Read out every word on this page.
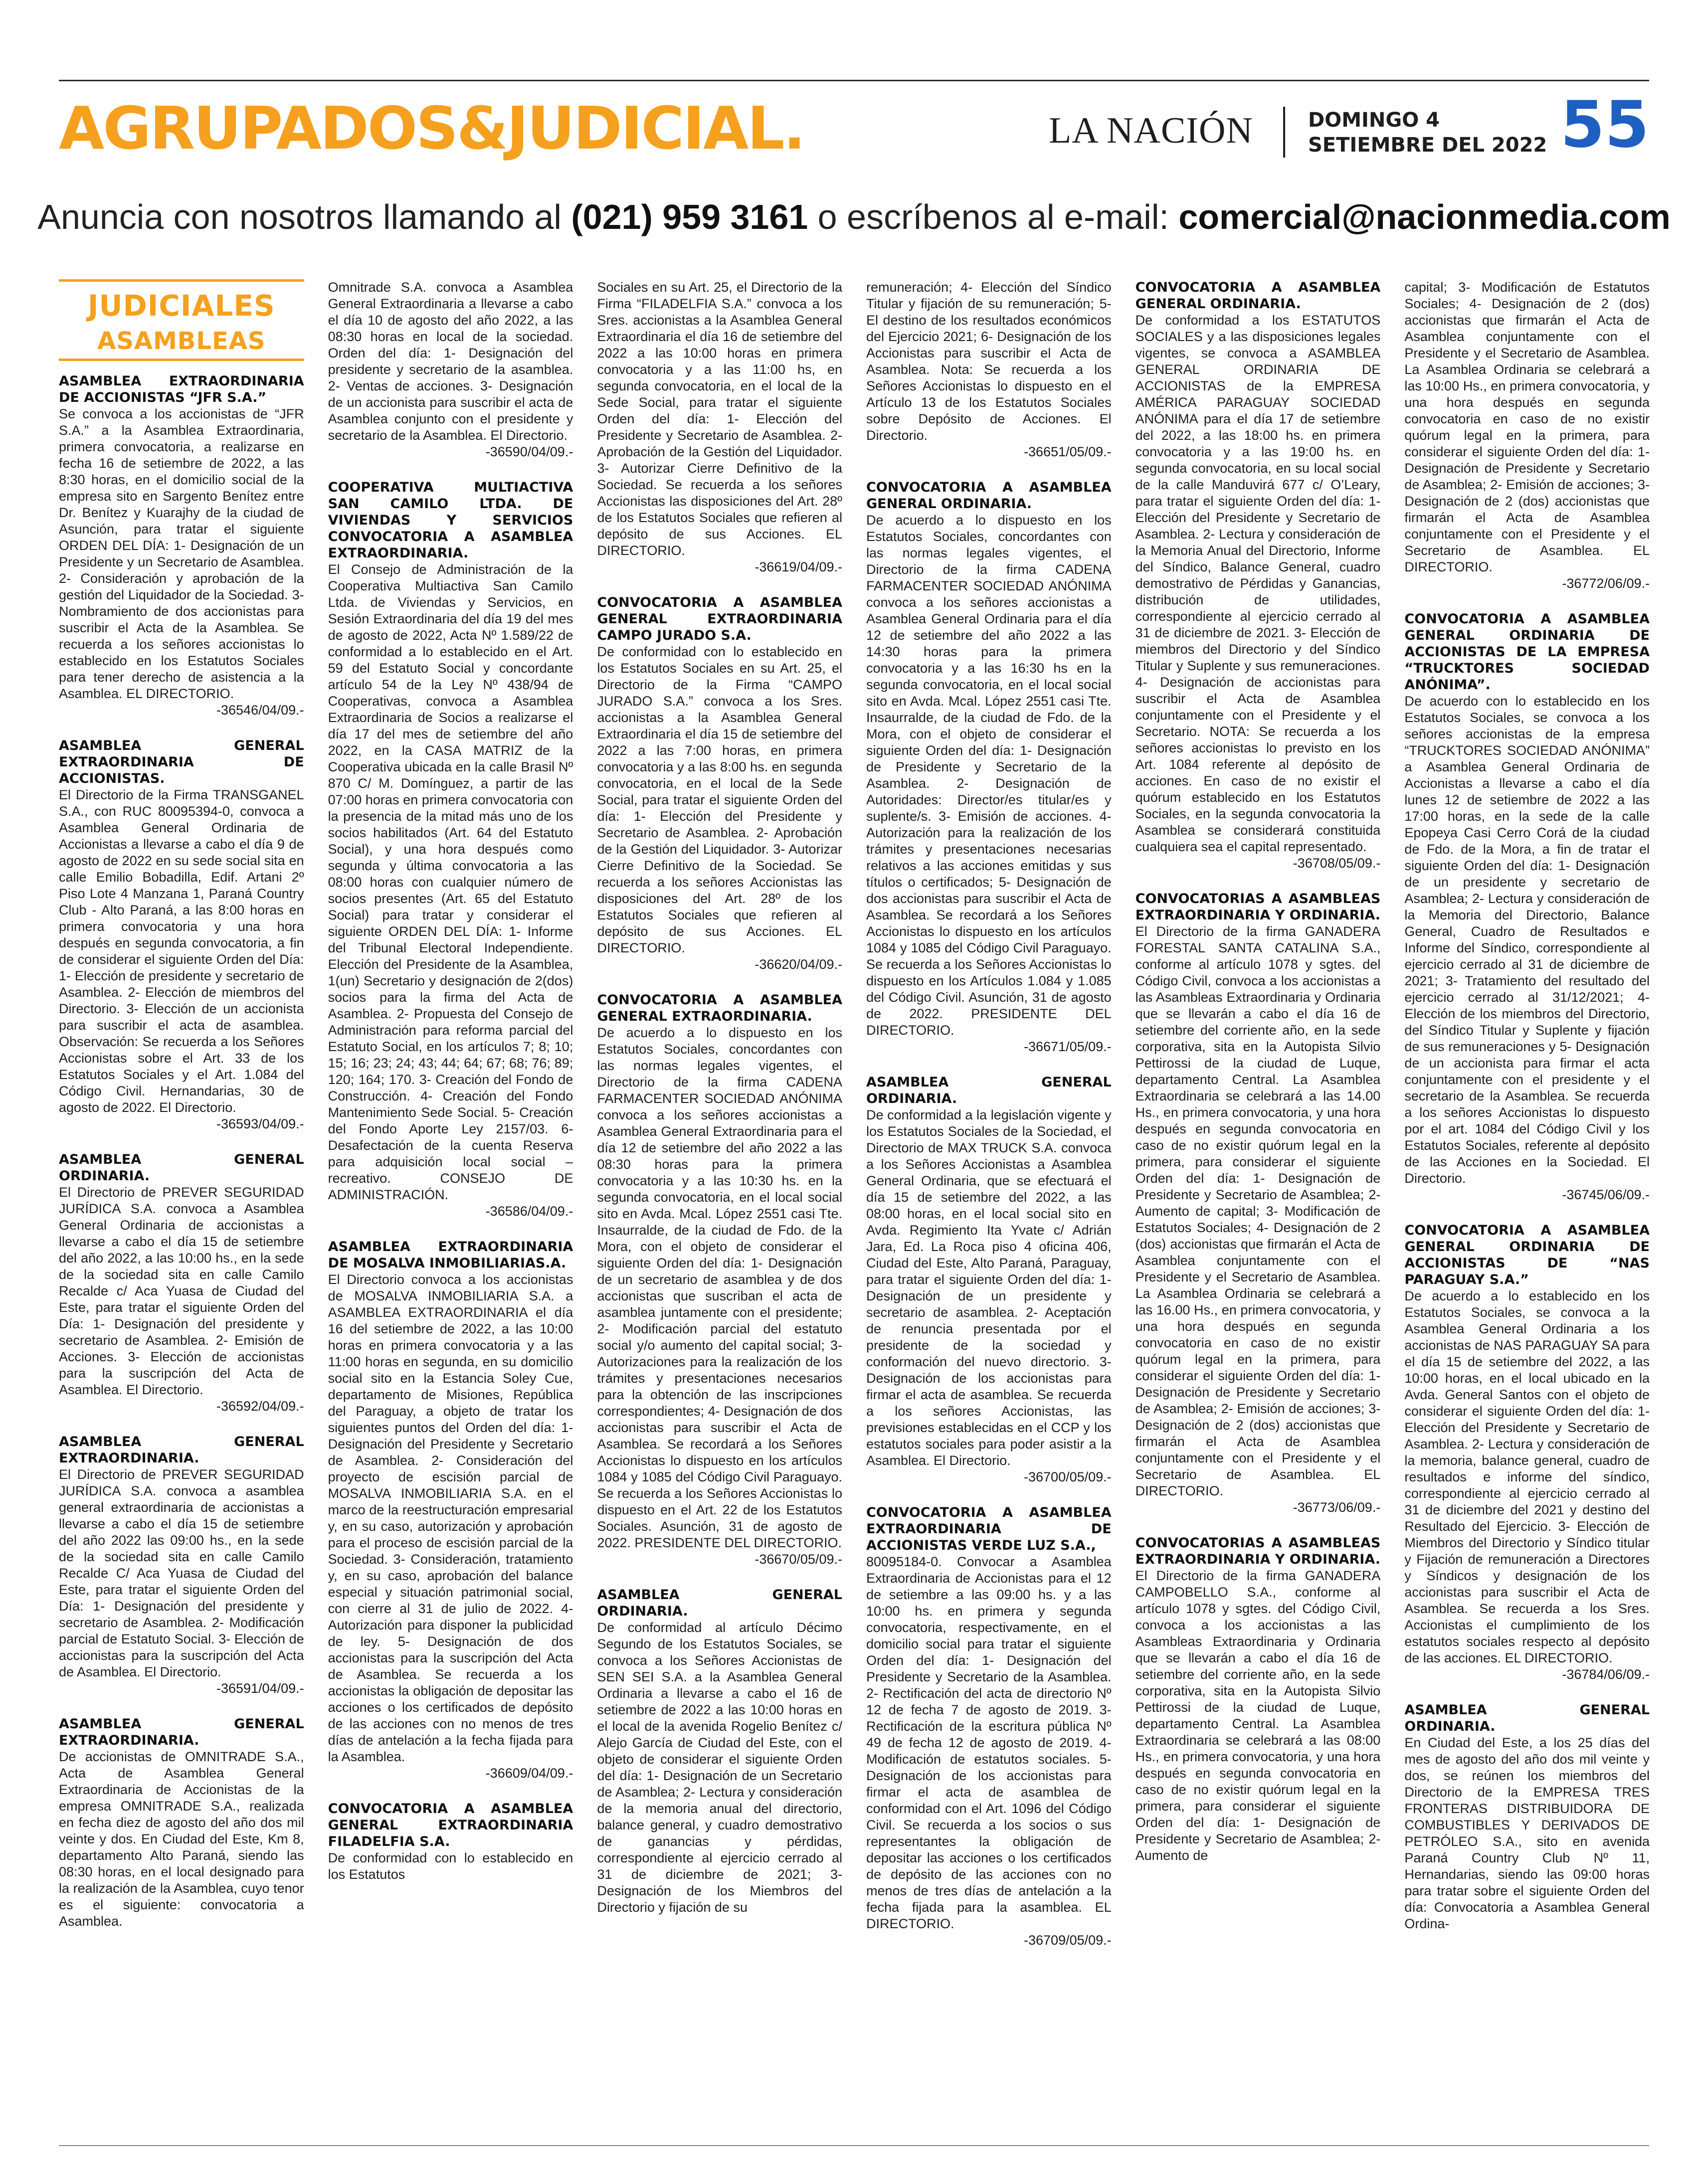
AGRUPADOS&JUDICIAL.	LA NACIÓN	DOMINGO 4
SETIEMBRE DEL 2022 55
Anuncia con nosotros llamando al (021) 959 3161 o escríbenos al e-mail: comercial@nacionmedia.com
JUDICIALES
ASAMBLEAS

ASAMBLEA EXTRAORDINARIA DE ACCIONISTAS “JFR S.A.”

Se convoca a los accionistas de “JFR S.A.” a la Asamblea Extraordinaria, primera convocatoria, a realizarse en fecha 16 de setiembre de 2022, a las 8:30 horas, en el domicilio social de la empresa sito en Sargento Benítez entre Dr. Benítez y Kuarajhy de la ciudad de Asunción, para tratar el siguiente ORDEN DEL DÍA: 1- Designación de un Presidente y un Secretario de Asamblea. 2- Consideración y aprobación de la gestión del Liquidador de la Sociedad. 3- Nombramiento de dos accionistas para suscribir el Acta de la Asamblea. Se recuerda a los señores accionistas lo establecido en los Estatutos Sociales para tener derecho de asistencia a la Asamblea. EL DIRECTORIO.

-36546/04/09.-

ASAMBLEA GENERAL EXTRAORDINARIA DE ACCIONISTAS.

El Directorio de la Firma TRANSGANEL S.A., con RUC 80095394-0, convoca a Asamblea General Ordinaria de Accionistas a llevarse a cabo el día 9 de agosto de 2022 en su sede social sita en calle Emilio Bobadilla, Edif. Artani 2º Piso Lote 4 Manzana 1, Paraná Country Club - Alto Paraná, a las 8:00 horas en primera convocatoria y una hora después en segunda convocatoria, a fin de considerar el siguiente Orden del Día: 1- Elección de presidente y secretario de Asamblea. 2- Elección de miembros del Directorio. 3- Elección de un accionista para suscribir el acta de asamblea. Observación: Se recuerda a los Señores Accionistas sobre el Art. 33 de los Estatutos Sociales y el Art. 1.084 del Código Civil. Hernandarias, 30 de agosto de 2022. El Directorio.

-36593/04/09.-

ASAMBLEA GENERAL ORDINARIA.

El Directorio de PREVER SEGURIDAD JURÍDICA S.A. convoca a Asamblea General Ordinaria de accionistas a llevarse a cabo el día 15 de setiembre del año 2022, a las 10:00 hs., en la sede de la sociedad sita en calle Camilo Recalde c/ Aca Yuasa de Ciudad del Este, para tratar el siguiente Orden del Día: 1- Designación del presidente y secretario de Asamblea. 2- Emisión de Acciones. 3- Elección de accionistas para la suscripción del Acta de Asamblea. El Directorio.

-36592/04/09.-

ASAMBLEA GENERAL EXTRAORDINARIA.

El Directorio de PREVER SEGURIDAD JURÍDICA S.A. convoca a asamblea general extraordinaria de accionistas a llevarse a cabo el día 15 de setiembre del año 2022 las 09:00 hs., en la sede de la sociedad sita en calle Camilo Recalde C/ Aca Yuasa de Ciudad del Este, para tratar el siguiente Orden del Día: 1- Designación del presidente y secretario de Asamblea. 2- Modificación parcial de Estatuto Social. 3- Elección de accionistas para la suscripción del Acta de Asamblea. El Directorio.

-36591/04/09.-

ASAMBLEA GENERAL EXTRAORDINARIA.

De accionistas de OMNITRADE S.A., Acta de Asamblea General Extraordinaria de Accionistas de la empresa OMNITRADE S.A., realizada en fecha diez de agosto del año dos mil veinte y dos. En Ciudad del Este, Km 8, departamento Alto Paraná, siendo las 08:30 horas, en el local designado para la realización de la Asamblea, cuyo tenor es el siguiente: convocatoria a Asamblea.

Omnitrade S.A. convoca a Asamblea General Extraordinaria a llevarse a cabo el día 10 de agosto del año 2022, a las 08:30 horas en local de la sociedad. Orden del día: 1- Designación del presidente y secretario de la asamblea. 2- Ventas de acciones. 3- Designación de un accionista para suscribir el acta de Asamblea conjunto con el presidente y secretario de la Asamblea. El Directorio.

-36590/04/09.-

COOPERATIVA MULTIACTIVA SAN CAMILO LTDA. DE VIVIENDAS Y SERVICIOS CONVOCATORIA A ASAMBLEA EXTRAORDINARIA.

El Consejo de Administración de la Cooperativa Multiactiva San Camilo Ltda. de Viviendas y Servicios, en Sesión Extraordinaria del día 19 del mes de agosto de 2022, Acta Nº 1.589/22 de conformidad a lo establecido en el Art. 59 del Estatuto Social y concordante artículo 54 de la Ley Nº 438/94 de Cooperativas, convoca a Asamblea Extraordinaria de Socios a realizarse el día 17 del mes de setiembre del año 2022, en la CASA MATRIZ de la Cooperativa ubicada en la calle Brasil Nº 870 C/ M. Domínguez, a partir de las 07:00 horas en primera convocatoria con la presencia de la mitad más uno de los socios habilitados (Art. 64 del Estatuto Social), y una hora después como segunda y última convocatoria a las 08:00 horas con cualquier número de socios presentes (Art. 65 del Estatuto Social) para tratar y considerar el siguiente ORDEN DEL DÍA: 1- Informe del Tribunal Electoral Independiente. Elección del Presidente de la Asamblea, 1(un) Secretario y designación de 2(dos) socios para la firma del Acta de Asamblea. 2- Propuesta del Consejo de Administración para reforma parcial del Estatuto Social, en los artículos 7; 8; 10; 15; 16; 23; 24; 43; 44; 64; 67; 68; 76; 89; 120; 164; 170. 3- Creación del Fondo de Construcción. 4- Creación del Fondo Mantenimiento Sede Social. 5- Creación del Fondo Aporte Ley 2157/03. 6- Desafectación de la cuenta Reserva para adquisición local social – recreativo. CONSEJO DE ADMINISTRACIÓN.

-36586/04/09.-

ASAMBLEA EXTRAORDINARIA DE MOSALVA INMOBILIARIAS.A.

El Directorio convoca a los accionistas de MOSALVA INMOBILIARIA S.A. a ASAMBLEA EXTRAORDINARIA el día 16 del setiembre de 2022, a las 10:00 horas en primera convocatoria y a las 11:00 horas en segunda, en su domicilio social sito en la Estancia Soley Cue, departamento de Misiones, República del Paraguay, a objeto de tratar los siguientes puntos del Orden del día: 1- Designación del Presidente y Secretario de Asamblea. 2- Consideración del proyecto de escisión parcial de MOSALVA INMOBILIARIA S.A. en el marco de la reestructuración empresarial y, en su caso, autorización y aprobación para el proceso de escisión parcial de la Sociedad. 3- Consideración, tratamiento y, en su caso, aprobación del balance especial y situación patrimonial social, con cierre al 31 de julio de 2022. 4- Autorización para disponer la publicidad de ley. 5- Designación de dos accionistas para la suscripción del Acta de Asamblea. Se recuerda a los accionistas la obligación de depositar las acciones o los certificados de depósito de las acciones con no menos de tres días de antelación a la fecha fijada para la Asamblea.

-36609/04/09.-

CONVOCATORIA A ASAMBLEA GENERAL EXTRAORDINARIA FILADELFIA S.A.

De conformidad con lo establecido en los Estatutos

Sociales en su Art. 25, el Directorio de la Firma “FILADELFIA S.A.” convoca a los Sres. accionistas a la Asamblea General Extraordinaria el día 16 de setiembre del 2022 a las 10:00 horas en primera convocatoria y a las 11:00 hs, en segunda convocatoria, en el local de la Sede Social, para tratar el siguiente Orden del día: 1- Elección del Presidente y Secretario de Asamblea. 2- Aprobación de la Gestión del Liquidador. 3- Autorizar Cierre Definitivo de la Sociedad. Se recuerda a los señores Accionistas las disposiciones del Art. 28º de los Estatutos Sociales que refieren al depósito de sus Acciones. EL DIRECTORIO.

-36619/04/09.-

CONVOCATORIA A ASAMBLEA GENERAL EXTRAORDINARIA CAMPO JURADO S.A.

De conformidad con lo establecido en los Estatutos Sociales en su Art. 25, el Directorio de la Firma “CAMPO JURADO S.A.” convoca a los Sres. accionistas a la Asamblea General Extraordinaria el día 15 de setiembre del 2022 a las 7:00 horas, en primera convocatoria y a las 8:00 hs. en segunda convocatoria, en el local de la Sede Social, para tratar el siguiente Orden del día: 1- Elección del Presidente y Secretario de Asamblea. 2- Aprobación de la Gestión del Liquidador. 3- Autorizar Cierre Definitivo de la Sociedad. Se recuerda a los señores Accionistas las disposiciones del Art. 28º de los Estatutos Sociales que refieren al depósito de sus Acciones. EL DIRECTORIO.

-36620/04/09.-

CONVOCATORIA A ASAMBLEA GENERAL EXTRAORDINARIA.

De acuerdo a lo dispuesto en los Estatutos Sociales, concordantes con las normas legales vigentes, el Directorio de la firma CADENA FARMACENTER SOCIEDAD ANÓNIMA convoca a los señores accionistas a Asamblea General Extraordinaria para el día 12 de setiembre del año 2022 a las 08:30 horas para la primera convocatoria y a las 10:30 hs. en la segunda convocatoria, en el local social sito en Avda. Mcal. López 2551 casi Tte. Insaurralde, de la ciudad de Fdo. de la Mora, con el objeto de considerar el siguiente Orden del día: 1- Designación de un secretario de asamblea y de dos accionistas que suscriban el acta de asamblea juntamente con el presidente; 2- Modificación parcial del estatuto social y/o aumento del capital social; 3- Autorizaciones para la realización de los trámites y presentaciones necesarios para la obtención de las inscripciones correspondientes; 4- Designación de dos accionistas para suscribir el Acta de Asamblea. Se recordará a los Señores Accionistas lo dispuesto en los artículos 1084 y 1085 del Código Civil Paraguayo. Se recuerda a los Señores Accionistas lo dispuesto en el Art. 22 de los Estatutos Sociales. Asunción, 31 de agosto de 2022. PRESIDENTE DEL DIRECTORIO.

-36670/05/09.-

ASAMBLEA GENERAL ORDINARIA.

De conformidad al artículo Décimo Segundo de los Estatutos Sociales, se convoca a los Señores Accionistas de SEN SEI S.A. a la Asamblea General Ordinaria a llevarse a cabo el 16 de setiembre de 2022 a las 10:00 horas en el local de la avenida Rogelio Benítez c/ Alejo García de Ciudad del Este, con el objeto de considerar el siguiente Orden del día: 1- Designación de un Secretario de Asamblea; 2- Lectura y consideración de la memoria anual del directorio, balance general, y cuadro demostrativo de ganancias y pérdidas, correspondiente al ejercicio cerrado al 31 de diciembre de 2021; 3- Designación de los Miembros del Directorio y fijación de su

remuneración; 4- Elección del Síndico Titular y fijación de su remuneración; 5- El destino de los resultados económicos del Ejercicio 2021; 6- Designación de los Accionistas para suscribir el Acta de Asamblea. Nota: Se recuerda a los Señores Accionistas lo dispuesto en el Artículo 13 de los Estatutos Sociales sobre Depósito de Acciones. El Directorio.

-36651/05/09.-

CONVOCATORIA A ASAMBLEA GENERAL ORDINARIA.

De acuerdo a lo dispuesto en los Estatutos Sociales, concordantes con las normas legales vigentes, el Directorio de la firma CADENA FARMACENTER SOCIEDAD ANÓNIMA convoca a los señores accionistas a Asamblea General Ordinaria para el día 12 de setiembre del año 2022 a las 14:30 horas para la primera convocatoria y a las 16:30 hs en la segunda convocatoria, en el local social sito en Avda. Mcal. López 2551 casi Tte. Insaurralde, de la ciudad de Fdo. de la Mora, con el objeto de considerar el siguiente Orden del día: 1- Designación de Presidente y Secretario de la Asamblea. 2- Designación de Autoridades: Director/es titular/es y suplente/s. 3- Emisión de acciones. 4- Autorización para la realización de los trámites y presentaciones necesarias relativos a las acciones emitidas y sus títulos o certificados; 5- Designación de dos accionistas para suscribir el Acta de Asamblea. Se recordará a los Señores Accionistas lo dispuesto en los artículos 1084 y 1085 del Código Civil Paraguayo. Se recuerda a los Señores Accionistas lo dispuesto en los Artículos 1.084 y 1.085 del Código Civil. Asunción, 31 de agosto de 2022. PRESIDENTE DEL DIRECTORIO.

-36671/05/09.-

ASAMBLEA GENERAL ORDINARIA.

De conformidad a la legislación vigente y los Estatutos Sociales de la Sociedad, el Directorio de MAX TRUCK S.A. convoca a los Señores Accionistas a Asamblea General Ordinaria, que se efectuará el día 15 de setiembre del 2022, a las 08:00 horas, en el local social sito en Avda. Regimiento Ita Yvate c/ Adrián Jara, Ed. La Roca piso 4 oficina 406, Ciudad del Este, Alto Paraná, Paraguay, para tratar el siguiente Orden del día: 1- Designación de un presidente y secretario de asamblea. 2- Aceptación de renuncia presentada por el presidente de la sociedad y conformación del nuevo directorio. 3- Designación de los accionistas para firmar el acta de asamblea. Se recuerda a los señores Accionistas, las previsiones establecidas en el CCP y los estatutos sociales para poder asistir a la Asamblea. El Directorio.

-36700/05/09.-

CONVOCATORIA A ASAMBLEA EXTRAORDINARIA DE ACCIONISTAS VERDE LUZ S.A.,

80095184-0. Convocar a Asamblea Extraordinaria de Accionistas para el 12 de setiembre a las 09:00 hs. y a las 10:00 hs. en primera y segunda convocatoria, respectivamente, en el domicilio social para tratar el siguiente Orden del día: 1- Designación del Presidente y Secretario de la Asamblea. 2- Rectificación del acta de directorio Nº 12 de fecha 7 de agosto de 2019. 3- Rectificación de la escritura pública Nº 49 de fecha 12 de agosto de 2019. 4- Modificación de estatutos sociales. 5- Designación de los accionistas para firmar el acta de asamblea de conformidad con el Art. 1096 del Código Civil. Se recuerda a los socios o sus representantes la obligación de depositar las acciones o los certificados de depósito de las acciones con no menos de tres días de antelación a la fecha fijada para la asamblea. EL DIRECTORIO.

-36709/05/09.-

CONVOCATORIA A ASAMBLEA GENERAL ORDINARIA.

De conformidad a los ESTATUTOS SOCIALES y a las disposiciones legales vigentes, se convoca a ASAMBLEA GENERAL ORDINARIA DE ACCIONISTAS de la EMPRESA AMÉRICA PARAGUAY SOCIEDAD ANÓNIMA para el día 17 de setiembre del 2022, a las 18:00 hs. en primera convocatoria y a las 19:00 hs. en segunda convocatoria, en su local social de la calle Manduvirá 677 c/ O’Leary, para tratar el siguiente Orden del día: 1- Elección del Presidente y Secretario de Asamblea. 2- Lectura y consideración de la Memoria Anual del Directorio, Informe del Síndico, Balance General, cuadro demostrativo de Pérdidas y Ganancias, distribución de utilidades, correspondiente al ejercicio cerrado al 31 de diciembre de 2021. 3- Elección de miembros del Directorio y del Síndico Titular y Suplente y sus remuneraciones. 4- Designación de accionistas para suscribir el Acta de Asamblea conjuntamente con el Presidente y el Secretario. NOTA: Se recuerda a los señores accionistas lo previsto en los Art. 1084 referente al depósito de acciones. En caso de no existir el quórum establecido en los Estatutos Sociales, en la segunda convocatoria la Asamblea se considerará constituida cualquiera sea el capital representado.

-36708/05/09.-

CONVOCATORIAS A ASAMBLEAS EXTRAORDINARIA Y ORDINARIA.

El Directorio de la firma GANADERA FORESTAL SANTA CATALINA S.A., conforme al artículo 1078 y sgtes. del Código Civil, convoca a los accionistas a las Asambleas Extraordinaria y Ordinaria que se llevarán a cabo el día 16 de setiembre del corriente año, en la sede corporativa, sita en la Autopista Silvio Pettirossi de la ciudad de Luque, departamento Central. La Asamblea Extraordinaria se celebrará a las 14.00 Hs., en primera convocatoria, y una hora después en segunda convocatoria en caso de no existir quórum legal en la primera, para considerar el siguiente Orden del día: 1- Designación de Presidente y Secretario de Asamblea; 2- Aumento de capital; 3- Modificación de Estatutos Sociales; 4- Designación de 2 (dos) accionistas que firmarán el Acta de Asamblea conjuntamente con el Presidente y el Secretario de Asamblea. La Asamblea Ordinaria se celebrará a las 16.00 Hs., en primera convocatoria, y una hora después en segunda convocatoria en caso de no existir quórum legal en la primera, para considerar el siguiente Orden del día: 1- Designación de Presidente y Secretario de Asamblea; 2- Emisión de acciones; 3- Designación de 2 (dos) accionistas que firmarán el Acta de Asamblea conjuntamente con el Presidente y el Secretario de Asamblea. EL DIRECTORIO.

-36773/06/09.-

CONVOCATORIAS A ASAMBLEAS EXTRAORDINARIA Y ORDINARIA.

El Directorio de la firma GANADERA CAMPOBELLO S.A., conforme al artículo 1078 y sgtes. del Código Civil, convoca a los accionistas a las Asambleas Extraordinaria y Ordinaria que se llevarán a cabo el día 16 de setiembre del corriente año, en la sede corporativa, sita en la Autopista Silvio Pettirossi de la ciudad de Luque, departamento Central. La Asamblea Extraordinaria se celebrará a las 08:00 Hs., en primera convocatoria, y una hora después en segunda convocatoria en caso de no existir quórum legal en la primera, para considerar el siguiente Orden del día: 1- Designación de Presidente y Secretario de Asamblea; 2- Aumento de

capital; 3- Modificación de Estatutos Sociales; 4- Designación de 2 (dos) accionistas que firmarán el Acta de Asamblea conjuntamente con el Presidente y el Secretario de Asamblea. La Asamblea Ordinaria se celebrará a las 10:00 Hs., en primera convocatoria, y una hora después en segunda convocatoria en caso de no existir quórum legal en la primera, para considerar el siguiente Orden del día: 1- Designación de Presidente y Secretario de Asamblea; 2- Emisión de acciones; 3- Designación de 2 (dos) accionistas que firmarán el Acta de Asamblea conjuntamente con el Presidente y el Secretario de Asamblea. EL DIRECTORIO.

-36772/06/09.-

CONVOCATORIA A ASAMBLEA GENERAL ORDINARIA DE ACCIONISTAS DE LA EMPRESA “TRUCKTORES SOCIEDAD ANÓNIMA”.

De acuerdo con lo establecido en los Estatutos Sociales, se convoca a los señores accionistas de la empresa “TRUCKTORES SOCIEDAD ANÓNIMA” a Asamblea General Ordinaria de Accionistas a llevarse a cabo el día lunes 12 de setiembre de 2022 a las 17:00 horas, en la sede de la calle Epopeya Casi Cerro Corá de la ciudad de Fdo. de la Mora, a fin de tratar el siguiente Orden del día: 1- Designación de un presidente y secretario de Asamblea; 2- Lectura y consideración de la Memoria del Directorio, Balance General, Cuadro de Resultados e Informe del Síndico, correspondiente al ejercicio cerrado al 31 de diciembre de 2021; 3- Tratamiento del resultado del ejercicio cerrado al 31/12/2021; 4- Elección de los miembros del Directorio, del Síndico Titular y Suplente y fijación de sus remuneraciones y 5- Designación de un accionista para firmar el acta conjuntamente con el presidente y el secretario de la Asamblea. Se recuerda a los señores Accionistas lo dispuesto por el art. 1084 del Código Civil y los Estatutos Sociales, referente al depósito de las Acciones en la Sociedad. El Directorio.

-36745/06/09.-

CONVOCATORIA A ASAMBLEA GENERAL ORDINARIA DE ACCIONISTAS DE “NAS PARAGUAY S.A.”

De acuerdo a lo establecido en los Estatutos Sociales, se convoca a la Asamblea General Ordinaria a los accionistas de NAS PARAGUAY SA para el día 15 de setiembre del 2022, a las 10:00 horas, en el local ubicado en la Avda. General Santos con el objeto de considerar el siguiente Orden del día: 1- Elección del Presidente y Secretario de Asamblea. 2- Lectura y consideración de la memoria, balance general, cuadro de resultados e informe del síndico, correspondiente al ejercicio cerrado al 31 de diciembre del 2021 y destino del Resultado del Ejercicio. 3- Elección de Miembros del Directorio y Síndico titular y Fijación de remuneración a Directores y Síndicos y designación de los accionistas para suscribir el Acta de Asamblea. Se recuerda a los Sres. Accionistas el cumplimiento de los estatutos sociales respecto al depósito de las acciones. EL DIRECTORIO.

-36784/06/09.-

ASAMBLEA GENERAL ORDINARIA.

En Ciudad del Este, a los 25 días del mes de agosto del año dos mil veinte y dos, se reúnen los miembros del Directorio de la EMPRESA TRES FRONTERAS DISTRIBUIDORA DE COMBUSTIBLES Y DERIVADOS DE PETRÓLEO S.A., sito en avenida Paraná Country Club Nº 11, Hernandarias, siendo las 09:00 horas para tratar sobre el siguiente Orden del día: Convocatoria a Asamblea General Ordina-
